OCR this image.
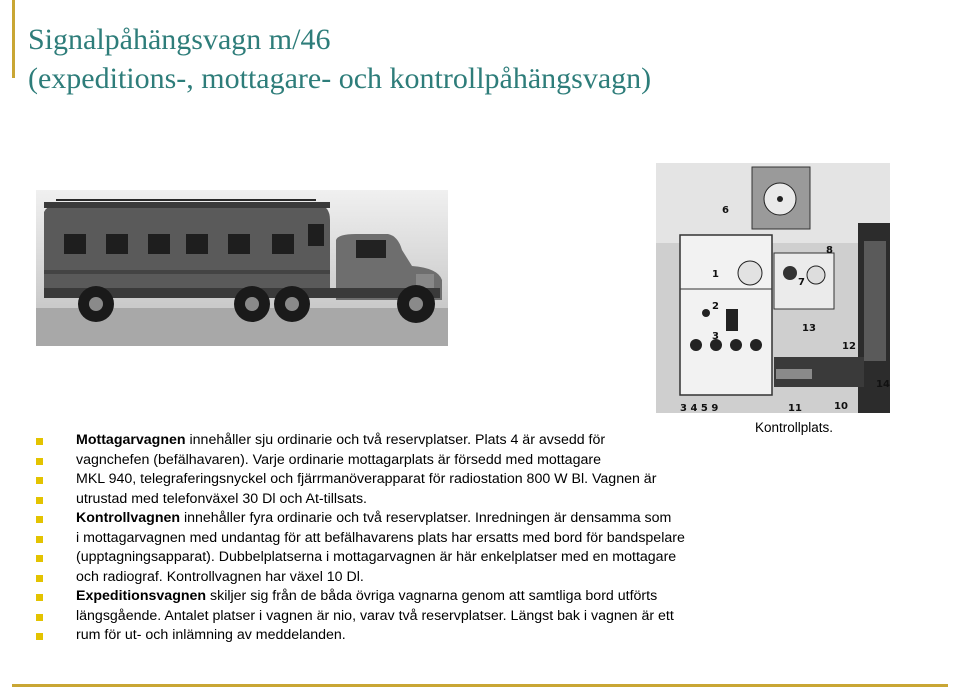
Signalpåhängsvagn m/46
(expeditions-, mottagare- och kontrollpåhängsvagn)
6
1
2
3
7
8
13
12
14
3 4 5 9	11	10
Kontrollplats.
Mottagarvagnen innehåller sju ordinarie och två reservplatser. Plats 4 är avsedd för
vagnchefen (befälhavaren). Varje ordinarie mottagarplats är försedd med mottagare
MKL 940, telegraferingsnyckel och fjärrmanöverapparat för radiostation 800 W Bl. Vagnen är
utrustad med telefonväxel 30 Dl och At-tillsats.
Kontrollvagnen innehåller fyra ordinarie och två reservplatser. Inredningen är densamma som
i mottagarvagnen med undantag för att befälhavarens plats har ersatts med bord för bandspelare
(upptagningsapparat). Dubbelplatserna i mottagarvagnen är här enkelplatser med en mottagare
och radiograf. Kontrollvagnen har växel 10 Dl.
Expeditionsvagnen skiljer sig från de båda övriga vagnarna genom att samtliga bord utförts
längsgående. Antalet platser i vagnen är nio, varav två reservplatser. Längst bak i vagnen är ett
rum för ut- och inlämning av meddelanden.
